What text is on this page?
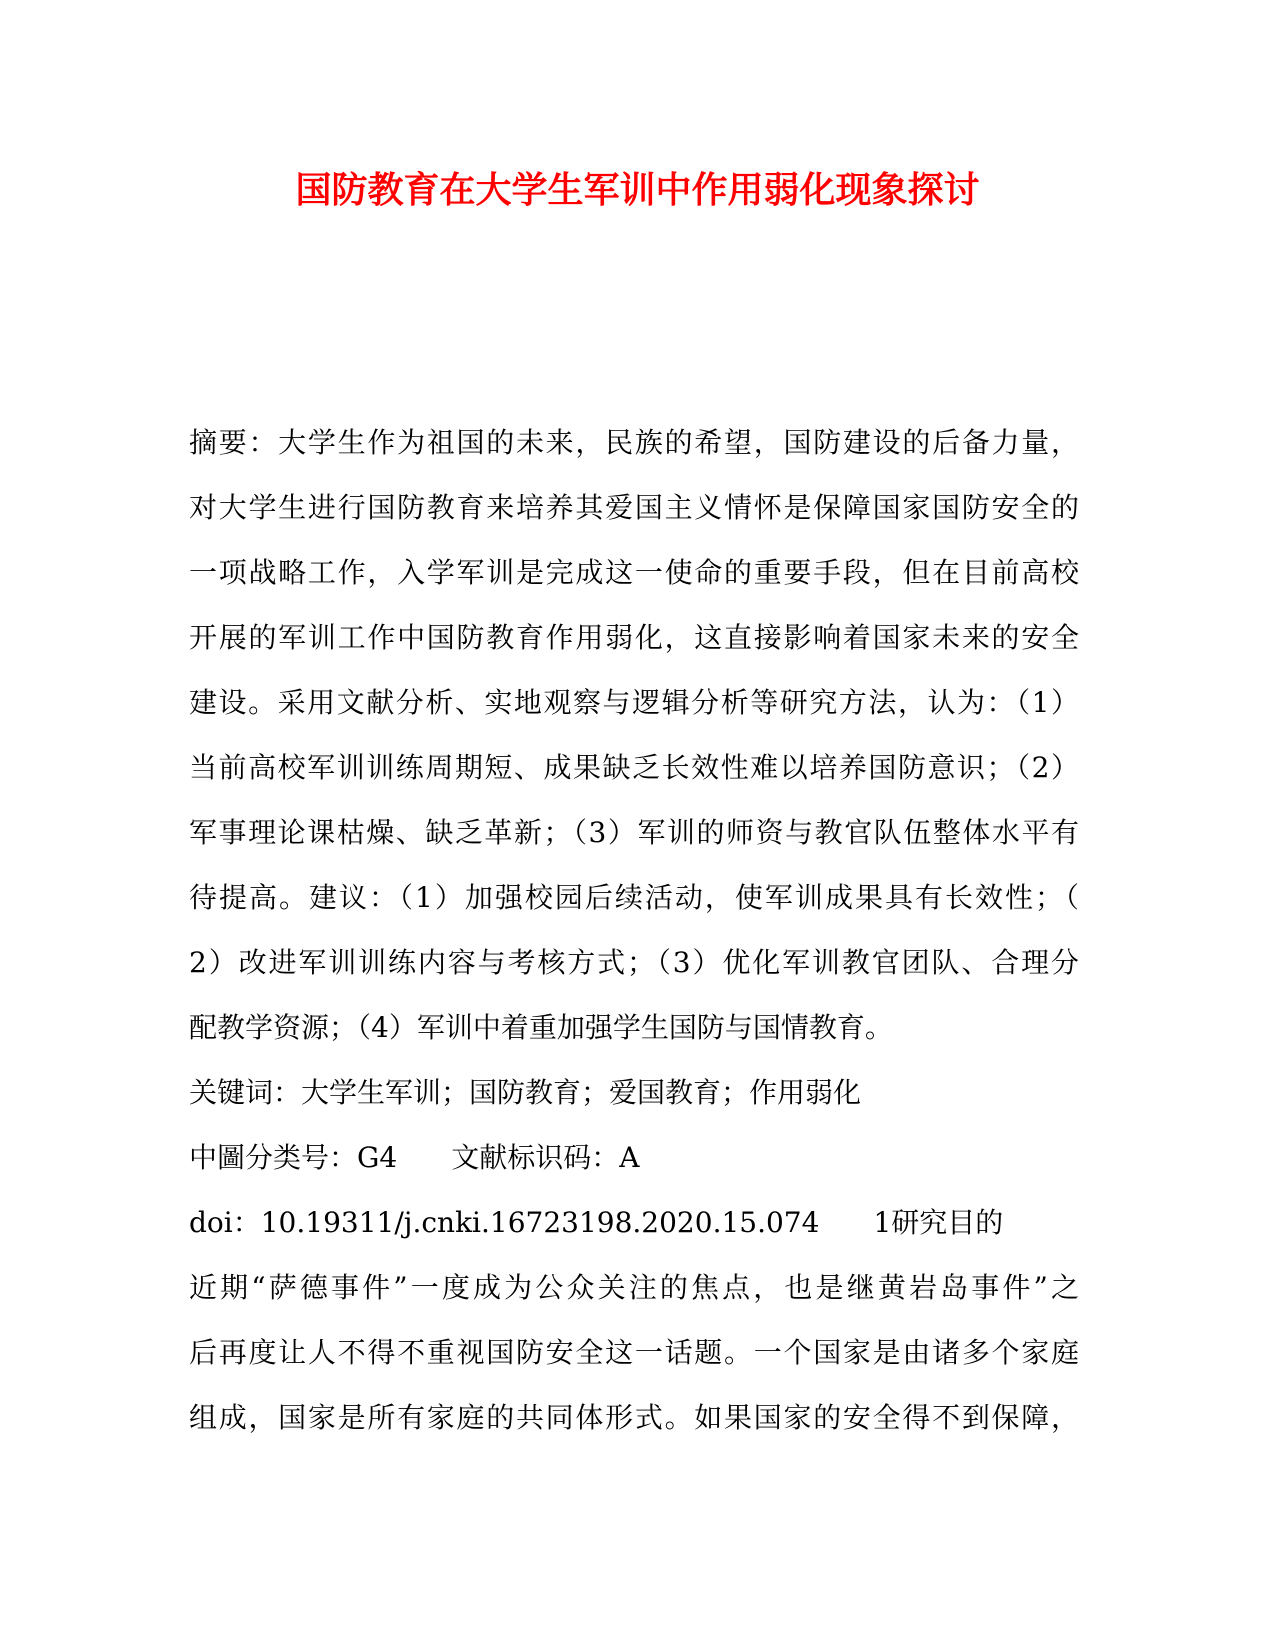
国防教育在大学生军训中作用弱化现象探讨
摘要：大学生作为祖国的未来，民族的希望，国防建设的后备力量，
对大学生进行国防教育来培养其爱国主义情怀是保障国家国防安全的
一项战略工作，入学军训是完成这一使命的重要手段，但在目前高校
开展的军训工作中国防教育作用弱化，这直接影响着国家未来的安全
建设。采用文献分析、实地观察与逻辑分析等研究方法，认为：（1）
当前高校军训训练周期短、成果缺乏长效性难以培养国防意识；（2）
军事理论课枯燥、缺乏革新；（3）军训的师资与教官队伍整体水平有
待提高。建议：（1）加强校园后续活动，使军训成果具有长效性；（
2）改进军训训练内容与考核方式；（3）优化军训教官团队、合理分
配教学资源；（4）军训中着重加强学生国防与国情教育。
关键词：大学生军训；国防教育；爱国教育；作用弱化
中圖分类号：G4 文献标识码：A
doi：10.19311/j.cnki.16723198.2020.15.074 1研究目的
近期“萨德事件”一度成为公众关注的焦点，也是继黄岩岛事件”之
后再度让人不得不重视国防安全这一话题。一个国家是由诸多个家庭
组成，国家是所有家庭的共同体形式。如果国家的安全得不到保障，
